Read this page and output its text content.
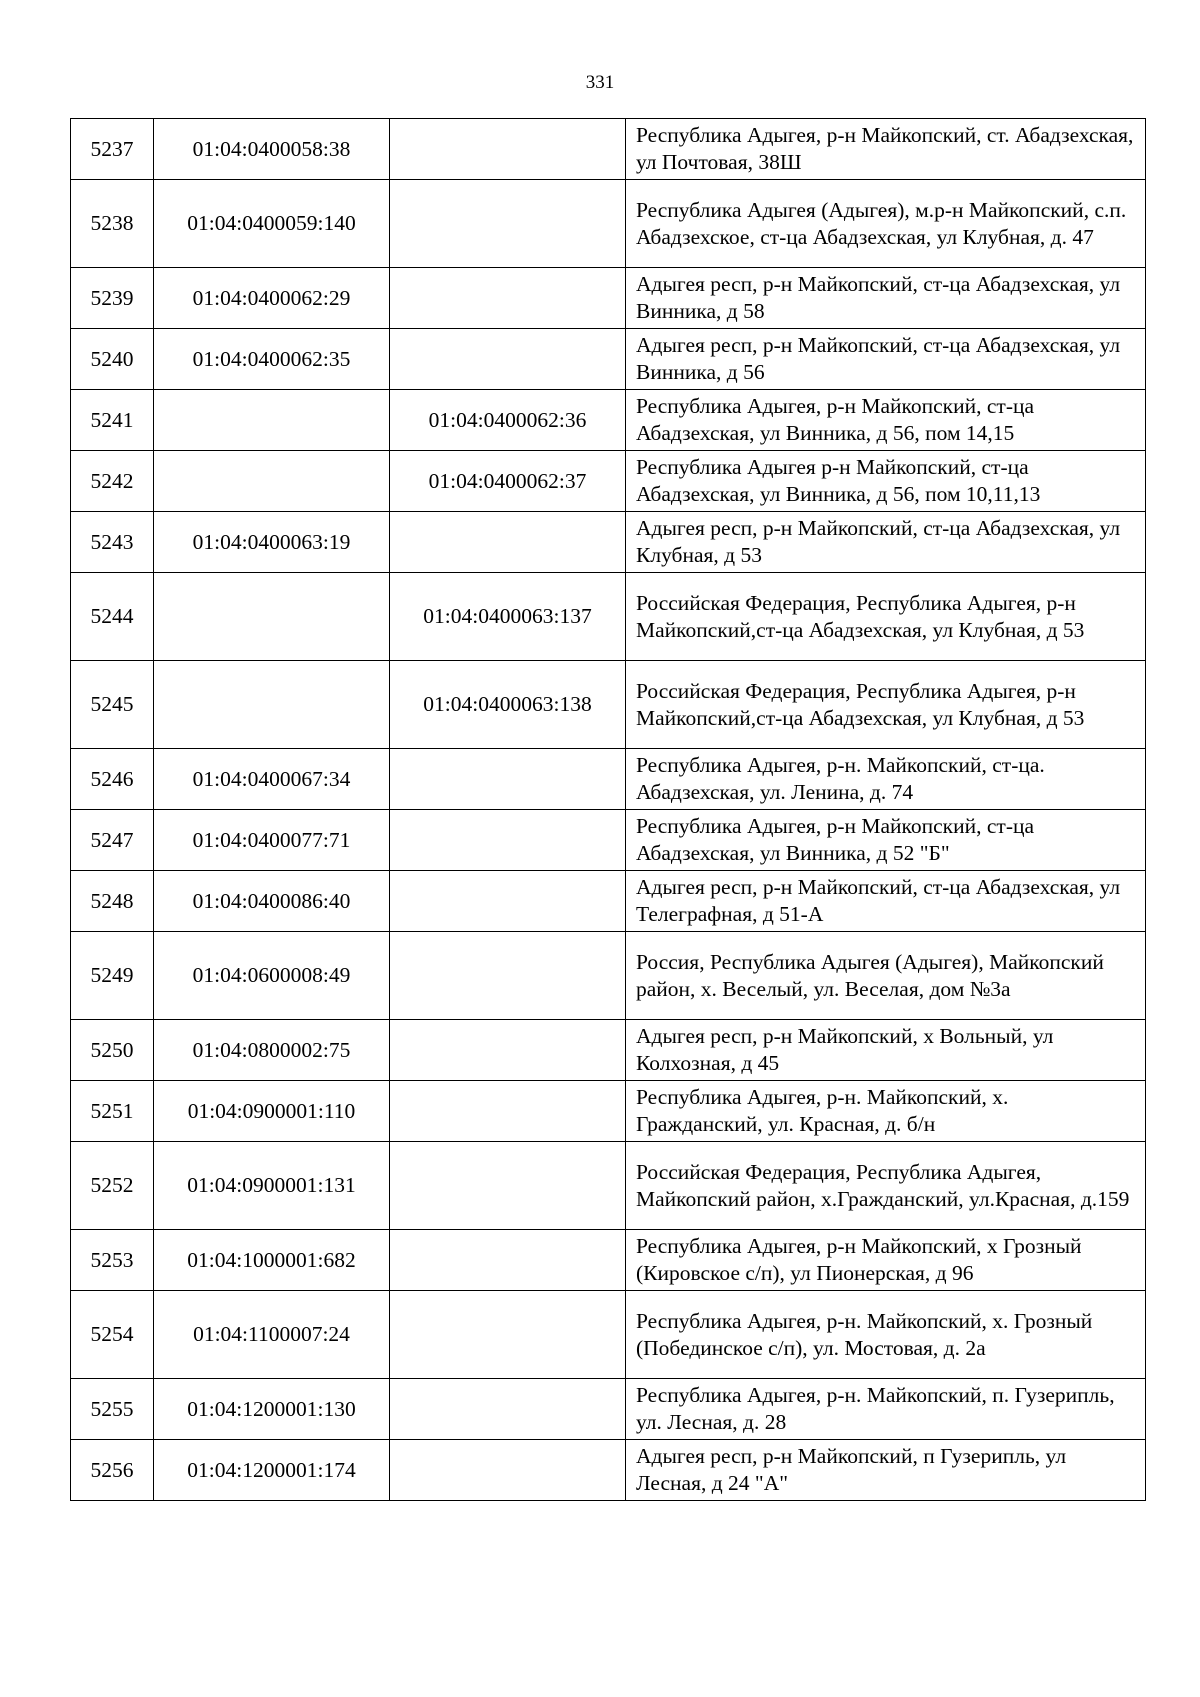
331
5237	01:04:0400058:38		Республика Адыгея, р-н Майкопский, ст. Абадзехская, ул Почтовая, 38Ш
5238	01:04:0400059:140		Республика Адыгея (Адыгея), м.р-н Майкопский, с.п. Абадзехское, ст-ца Абадзехская, ул Клубная, д. 47
5239	01:04:0400062:29		Адыгея респ, р-н Майкопский, ст-ца Абадзехская, ул Винника, д 58
5240	01:04:0400062:35		Адыгея респ, р-н Майкопский, ст-ца Абадзехская, ул Винника, д 56
5241		01:04:0400062:36	Республика Адыгея, р-н Майкопский, ст-ца Абадзехская, ул Винника, д 56, пом 14,15
5242		01:04:0400062:37	Республика Адыгея р-н Майкопский, ст-ца Абадзехская, ул Винника, д 56, пом 10,11,13
5243	01:04:0400063:19		Адыгея респ, р-н Майкопский, ст-ца Абадзехская, ул Клубная, д 53
5244		01:04:0400063:137	Российская Федерация, Республика Адыгея, р-н Майкопский,ст-ца Абадзехская, ул Клубная, д 53
5245		01:04:0400063:138	Российская Федерация, Республика Адыгея, р-н Майкопский,ст-ца Абадзехская, ул Клубная, д 53
5246	01:04:0400067:34		Республика Адыгея, р-н. Майкопский, ст-ца. Абадзехская, ул. Ленина, д. 74
5247	01:04:0400077:71		Республика Адыгея, р-н Майкопский, ст-ца Абадзехская, ул Винника, д 52 "Б"
5248	01:04:0400086:40		Адыгея респ, р-н Майкопский, ст-ца Абадзехская, ул Телеграфная, д 51-А
5249	01:04:0600008:49		Россия, Республика Адыгея (Адыгея), Майкопский район, х. Веселый, ул. Веселая, дом №3а
5250	01:04:0800002:75		Адыгея респ, р-н Майкопский, х Вольный, ул Колхозная, д 45
5251	01:04:0900001:110		Республика Адыгея, р-н. Майкопский, х. Гражданский, ул. Красная, д. б/н
5252	01:04:0900001:131		Российская Федерация, Республика Адыгея, Майкопский район, х.Гражданский, ул.Красная, д.159
5253	01:04:1000001:682		Республика Адыгея, р-н Майкопский, х Грозный (Кировское с/п), ул Пионерская, д 96
5254	01:04:1100007:24		Республика Адыгея, р-н. Майкопский, х. Грозный (Побединское с/п), ул. Мостовая, д. 2а
5255	01:04:1200001:130		Республика Адыгея, р-н. Майкопский, п. Гузерипль, ул. Лесная, д. 28
5256	01:04:1200001:174		Адыгея респ, р-н Майкопский, п Гузерипль, ул Лесная, д 24 "А"
